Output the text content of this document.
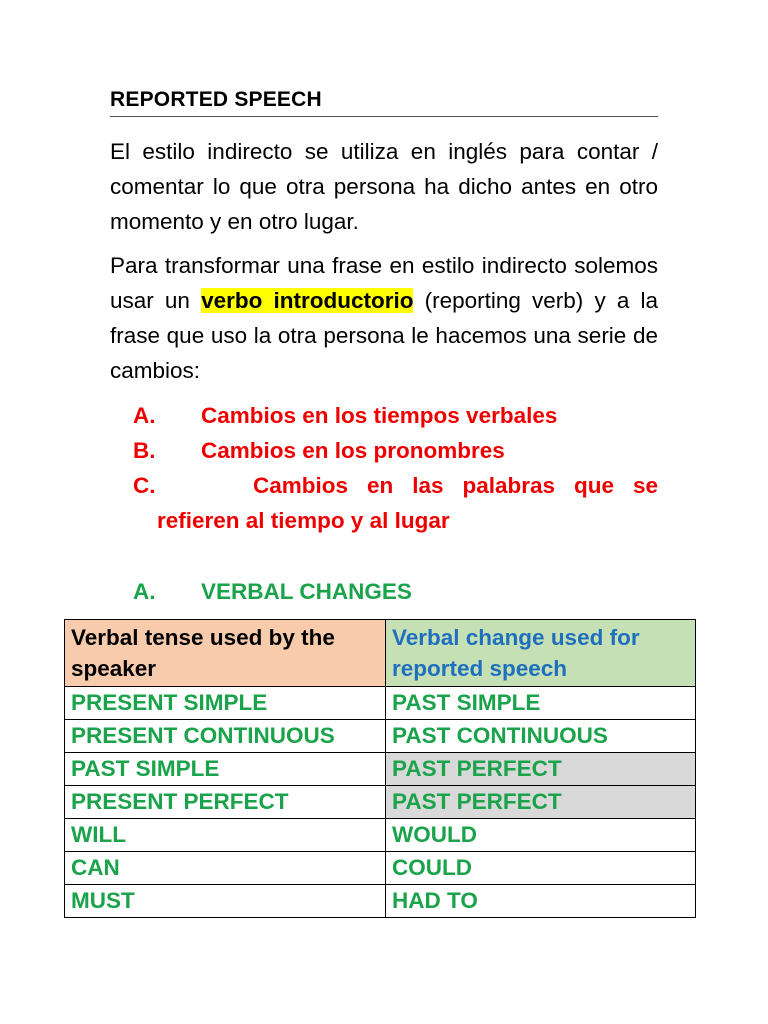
REPORTED SPEECH

El estilo indirecto se utiliza en inglés para contar / comentar lo que otra persona ha dicho antes en otro momento y en otro lugar.

Para transformar una frase en estilo indirecto solemos usar un verbo introductorio (reporting verb) y a la frase que uso la otra persona le hacemos una serie de cambios:

A. Cambios en los tiempos verbales
B. Cambios en los pronombres
C.	Cambios en las palabras que se
refieren al tiempo y al lugar
A. VERBAL CHANGES
Verbal tense used by the speaker	Verbal change used for reported speech
PRESENT SIMPLE	PAST SIMPLE
PRESENT CONTINUOUS	PAST CONTINUOUS
PAST SIMPLE	PAST PERFECT
PRESENT PERFECT	PAST PERFECT
WILL	WOULD
CAN	COULD
MUST	HAD TO
